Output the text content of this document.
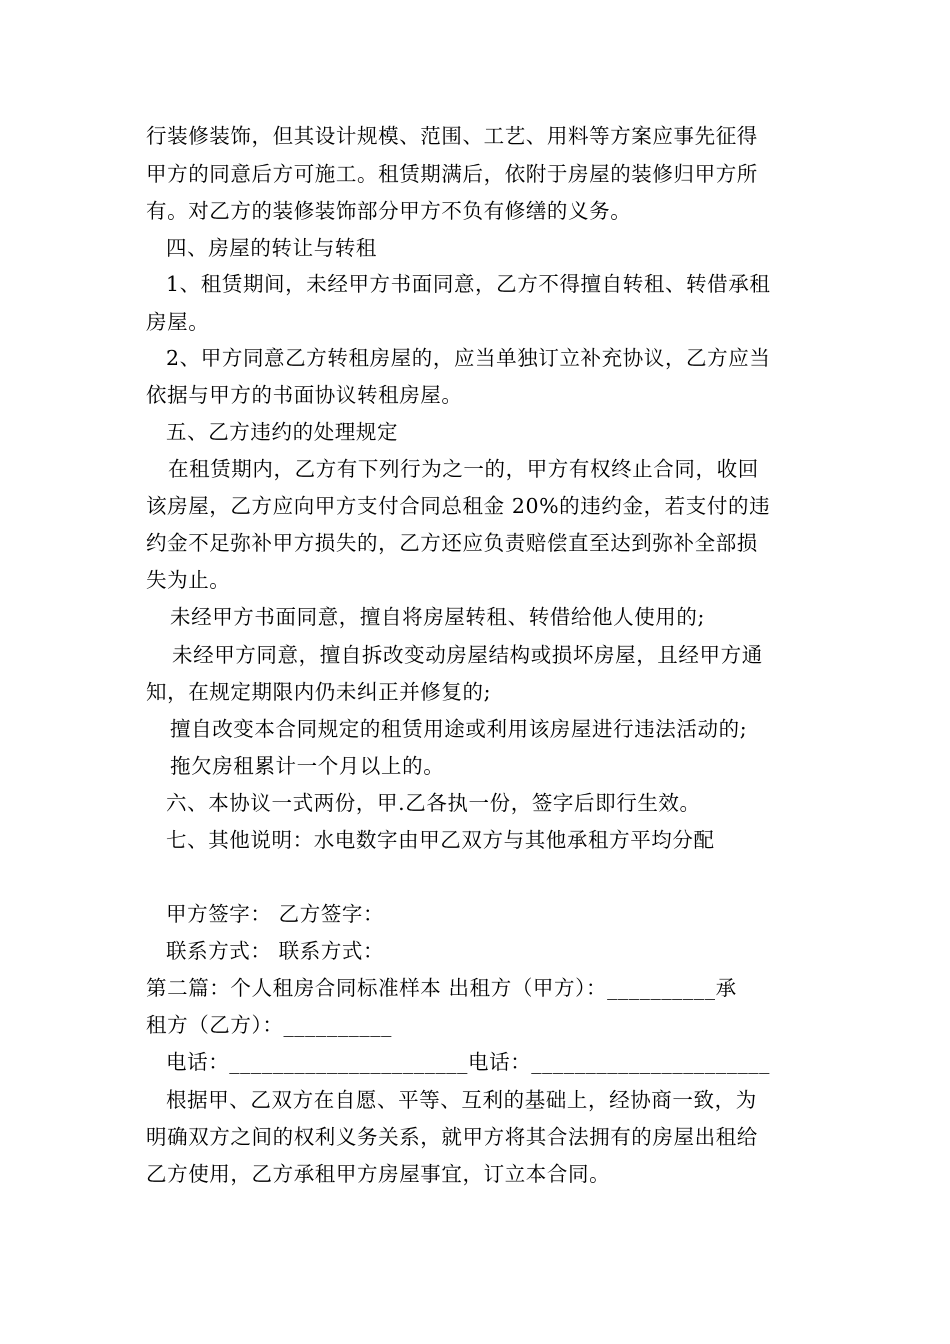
行装修装饰，但其设计规模、范围、工艺、用料等方案应事先征得
甲方的同意后方可施工。租赁期满后，依附于房屋的装修归甲方所
有。对乙方的装修装饰部分甲方不负有修缮的义务。
四、房屋的转让与转租
1、租赁期间，未经甲方书面同意，乙方不得擅自转租、转借承租
房屋。
2、甲方同意乙方转租房屋的，应当单独订立补充协议，乙方应当
依据与甲方的书面协议转租房屋。
五、乙方违约的处理规定
在租赁期内，乙方有下列行为之一的，甲方有权终止合同，收回
该房屋，乙方应向甲方支付合同总租金 20%的违约金，若支付的违
约金不足弥补甲方损失的，乙方还应负责赔偿直至达到弥补全部损
失为止。
未经甲方书面同意，擅自将房屋转租、转借给他人使用的;
未经甲方同意，擅自拆改变动房屋结构或损坏房屋，且经甲方通
知，在规定期限内仍未纠正并修复的;
擅自改变本合同规定的租赁用途或利用该房屋进行违法活动的;
拖欠房租累计一个月以上的。
六、本协议一式两份，甲.乙各执一份，签字后即行生效。
七、其他说明：水电数字由甲乙双方与其他承租方平均分配
甲方签字： 乙方签字：
联系方式： 联系方式：
第二篇：个人租房合同标准样本 出租方（甲方）：__________承
租方（乙方）：__________
电话：______________________电话：______________________
根据甲、乙双方在自愿、平等、互利的基础上，经协商一致，为
明确双方之间的权利义务关系，就甲方将其合法拥有的房屋出租给
乙方使用，乙方承租甲方房屋事宜，订立本合同。
